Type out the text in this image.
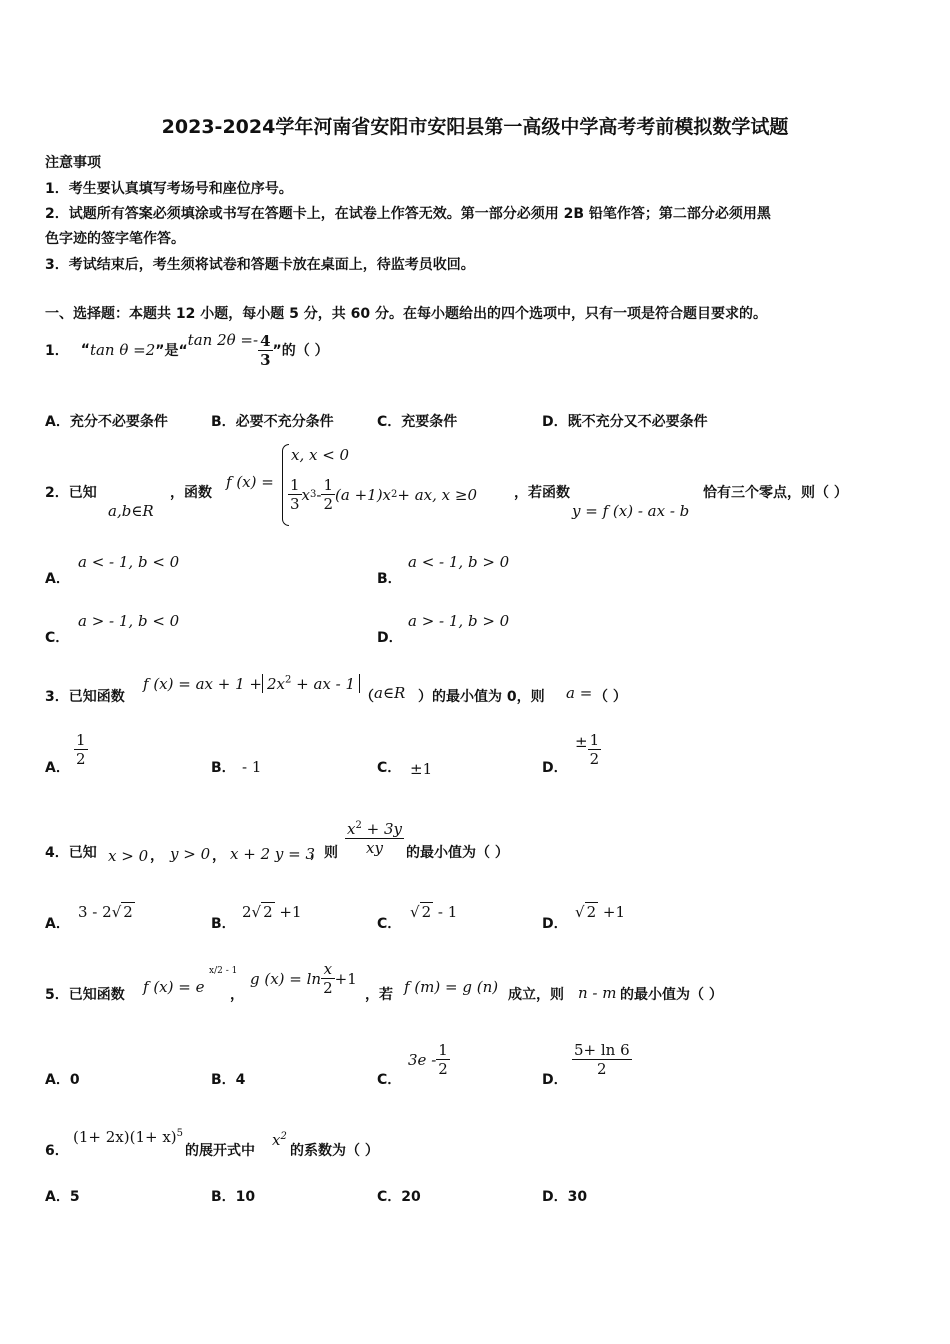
2023-2024学年河南省安阳市安阳县第一高级中学高考考前模拟数学试题
注意事项
1．考生要认真填写考场号和座位序号。
2．试题所有答案必须填涂或书写在答题卡上，在试卷上作答无效。第一部分必须用 2B 铅笔作答；第二部分必须用黑
色字迹的签字笔作答。
3．考试结束后，考生须将试卷和答题卡放在桌面上，待监考员收回。
一、选择题：本题共 12 小题，每小题 5 分，共 60 分。在每小题给出的四个选项中，只有一项是符合题目要求的。
1． “ tan θ =2 ”是“
$\tan 2\theta =- \frac{4}{3}$ ”的（ ）
A．充分不必要条件	B．必要不充分条件	C．充要条件	D．既不充分又不必要条件
2．已知
a,b∈R
，函数
f (x) =
x, x < 0
$\frac{1}{3}$ x $3 - \frac{1}{2} (a +1)x$ 2 + ax, x ≥0	，若函数
y = f (x) - ax - b
恰有三个零点，则（ ）
A．
a < - 1, b < 0
B．
a < - 1, b > 0
C．
a > - 1, b < 0
D．
a > - 1, b > 0
3．已知函数
f (x) = ax + $1 + 2x^2$ + ax - 1
（ a∈R ）的最小值为 0，则 a = （ ）
A． $\frac{1}{2}$	B． - 1	C． ±1	D．
± $\frac{1}{2}$
4．已知 x > 0 ， y > 0 ， x + 2 y = 3
，则 $\frac{x^2 + 3y}{xy}$ 的最小值为（ ）
A．
3 - 2√ 2
B．
2√ 2 +1
C．
√ 2 - 1
D．
√ 2 +1
5．已知函数 f (x) = e
x/2 - 1
，
g $(x) = \ln \frac{x}{2} +1$
，若 f (m) = g (n) 成立，则 n - m 的最小值为（ ）
A．0	B．4	C．
$3e - \frac{1}{2}$
D．
$\frac{5+ \ln 6}{2}$
6．
$(1+ 2x)(1+ x)^5$
的展开式中
$x^2$
的系数为（ ）
A．5	B．10	C．20	D．30
